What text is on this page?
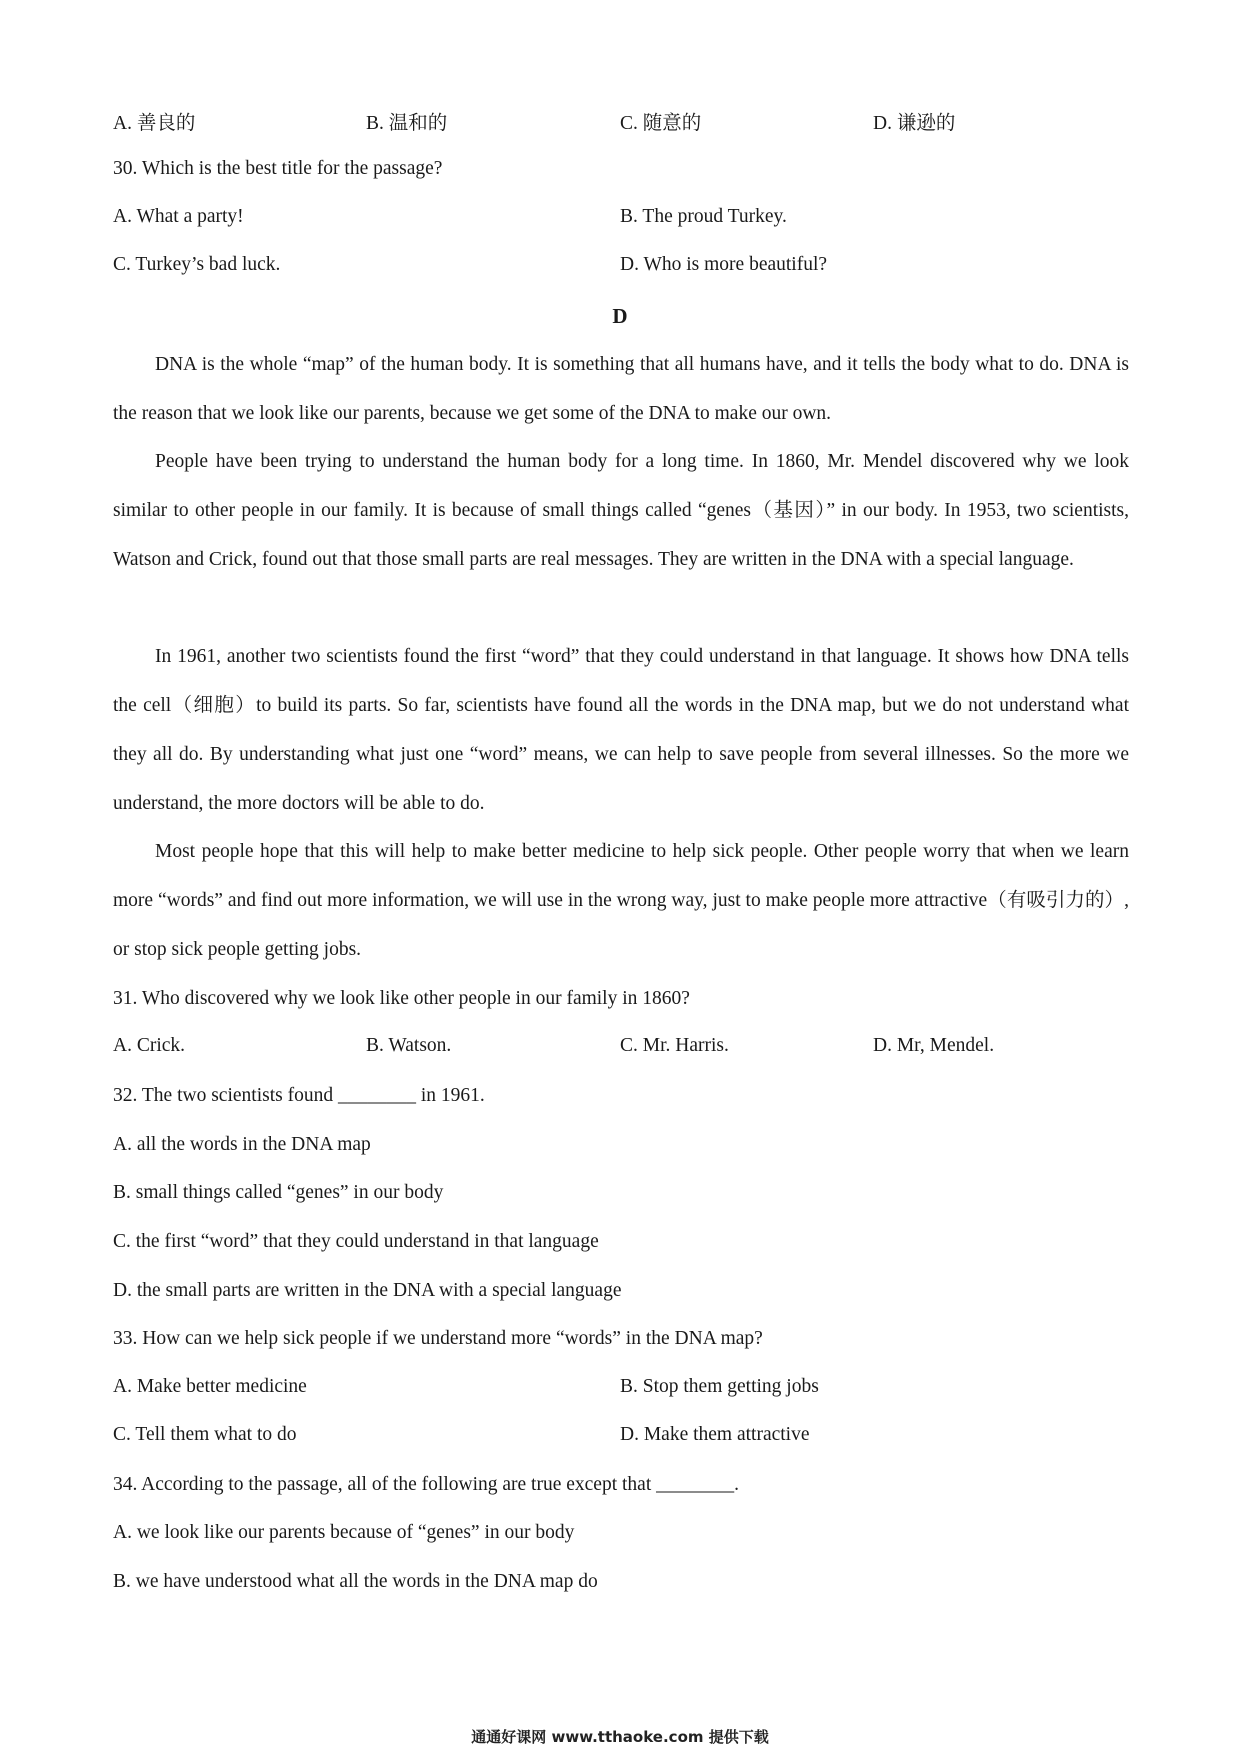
A. 善良的	B. 温和的	C. 随意的	D. 谦逊的
30. Which is the best title for the passage?
A. What a party!	B. The proud Turkey.
C. Turkey’s bad luck.	D. Who is more beautiful?
D
DNA is the whole “map” of the human body. It is something that all humans have, and it tells the body what to do. DNA is the reason that we look like our parents, because we get some of the DNA to make our own.
People have been trying to understand the human body for a long time. In 1860, Mr. Mendel discovered why we look similar to other people in our family. It is because of small things called “genes（基因）” in our body. In 1953, two scientists, Watson and Crick, found out that those small parts are real messages. They are written in the DNA with a special language.
In 1961, another two scientists found the first “word” that they could understand in that language. It shows how DNA tells the cell（细胞）to build its parts. So far, scientists have found all the words in the DNA map, but we do not understand what they all do. By understanding what just one “word” means, we can help to save people from several illnesses. So the more we understand, the more doctors will be able to do.
Most people hope that this will help to make better medicine to help sick people. Other people worry that when we learn more “words” and find out more information, we will use in the wrong way, just to make people more attractive（有吸引力的）, or stop sick people getting jobs.
31. Who discovered why we look like other people in our family in 1860?
A. Crick.	B. Watson.	C. Mr. Harris.	D. Mr, Mendel.
32. The two scientists found ________ in 1961.
A. all the words in the DNA map
B. small things called “genes” in our body
C. the first “word” that they could understand in that language
D. the small parts are written in the DNA with a special language
33. How can we help sick people if we understand more “words” in the DNA map?
A. Make better medicine	B. Stop them getting jobs
C. Tell them what to do	D. Make them attractive
34. According to the passage, all of the following are true except that ________.
A. we look like our parents because of “genes” in our body
B. we have understood what all the words in the DNA map do
通通好课网 www.tthaoke.com 提供下载
